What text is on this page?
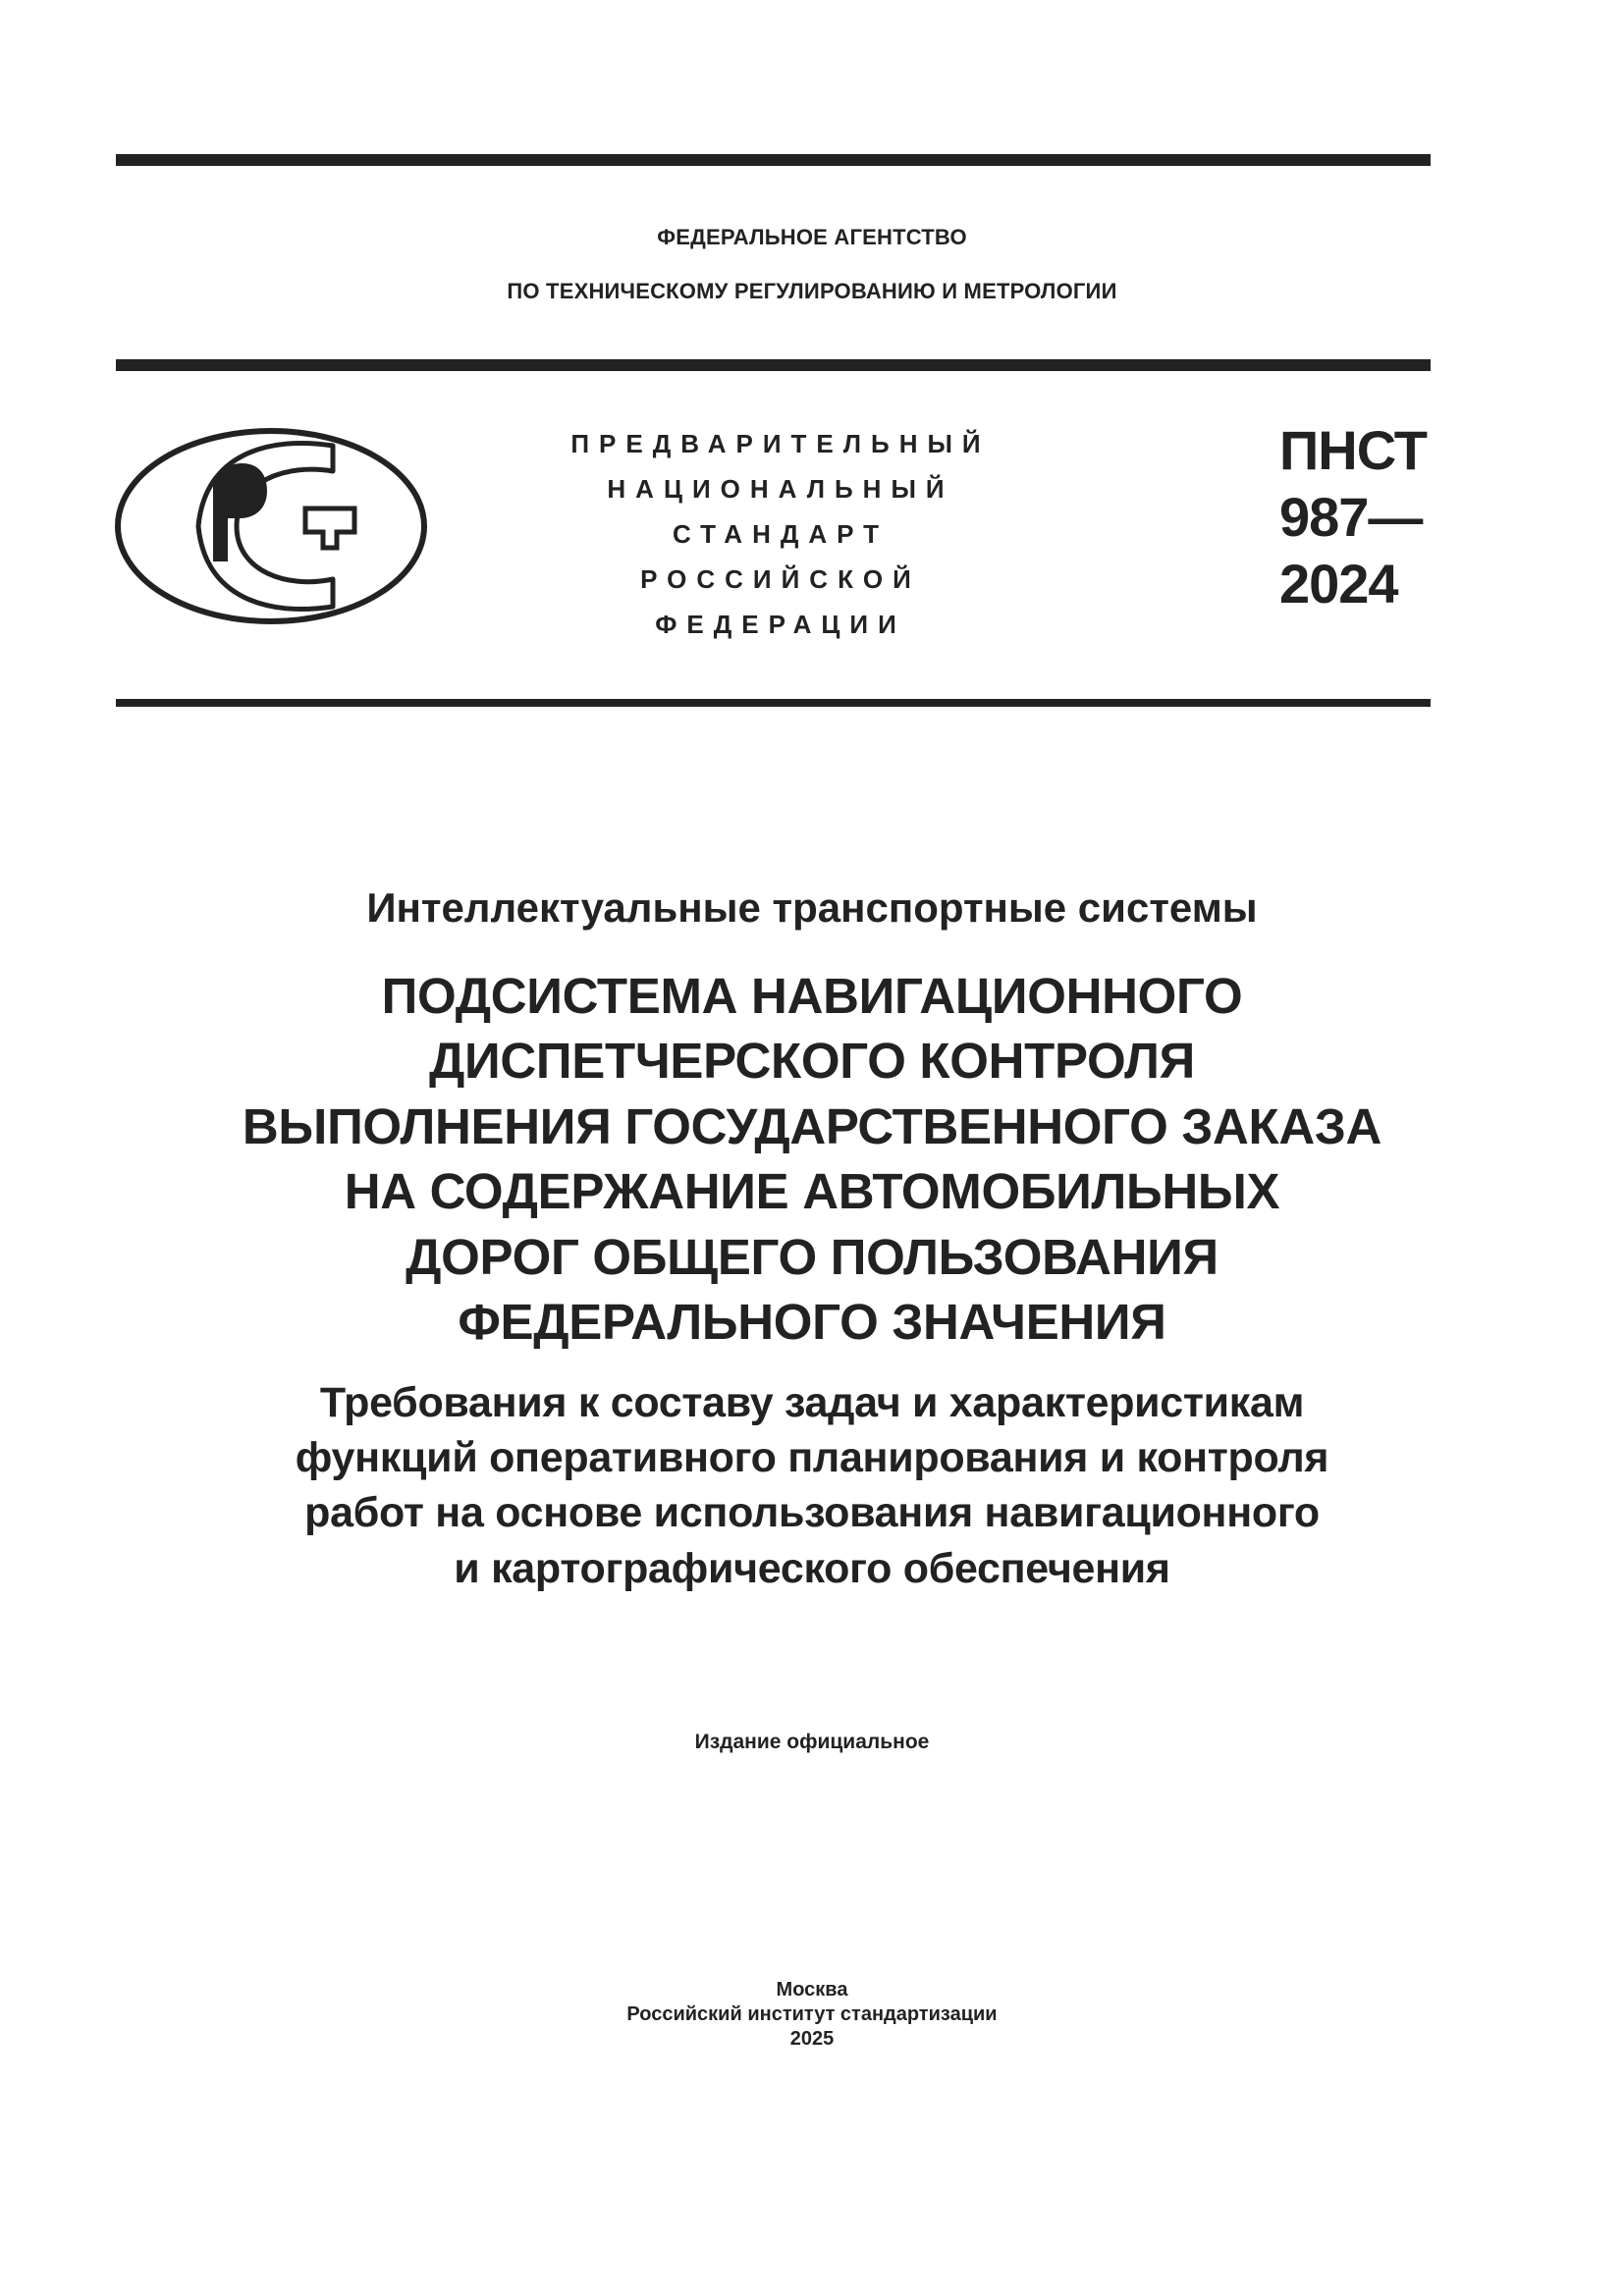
ФЕДЕРАЛЬНОЕ АГЕНТСТВО
ПО ТЕХНИЧЕСКОМУ РЕГУЛИРОВАНИЮ И МЕТРОЛОГИИ
ПРЕДВАРИТЕЛЬНЫЙ
НАЦИОНАЛЬНЫЙ
СТАНДАРТ
РОССИЙСКОЙ
ФЕДЕРАЦИИ
ПНСТ
987—
2024
Интеллектуальные транспортные системы
ПОДСИСТЕМА НАВИГАЦИОННОГО
ДИСПЕТЧЕРСКОГО КОНТРОЛЯ
ВЫПОЛНЕНИЯ ГОСУДАРСТВЕННОГО ЗАКАЗА
НА СОДЕРЖАНИЕ АВТОМОБИЛЬНЫХ
ДОРОГ ОБЩЕГО ПОЛЬЗОВАНИЯ
ФЕДЕРАЛЬНОГО ЗНАЧЕНИЯ
Требования к составу задач и характеристикам
функций оперативного планирования и контроля
работ на основе использования навигационного
и картографического обеспечения
Издание официальное
Москва
Российский институт стандартизации
2025
